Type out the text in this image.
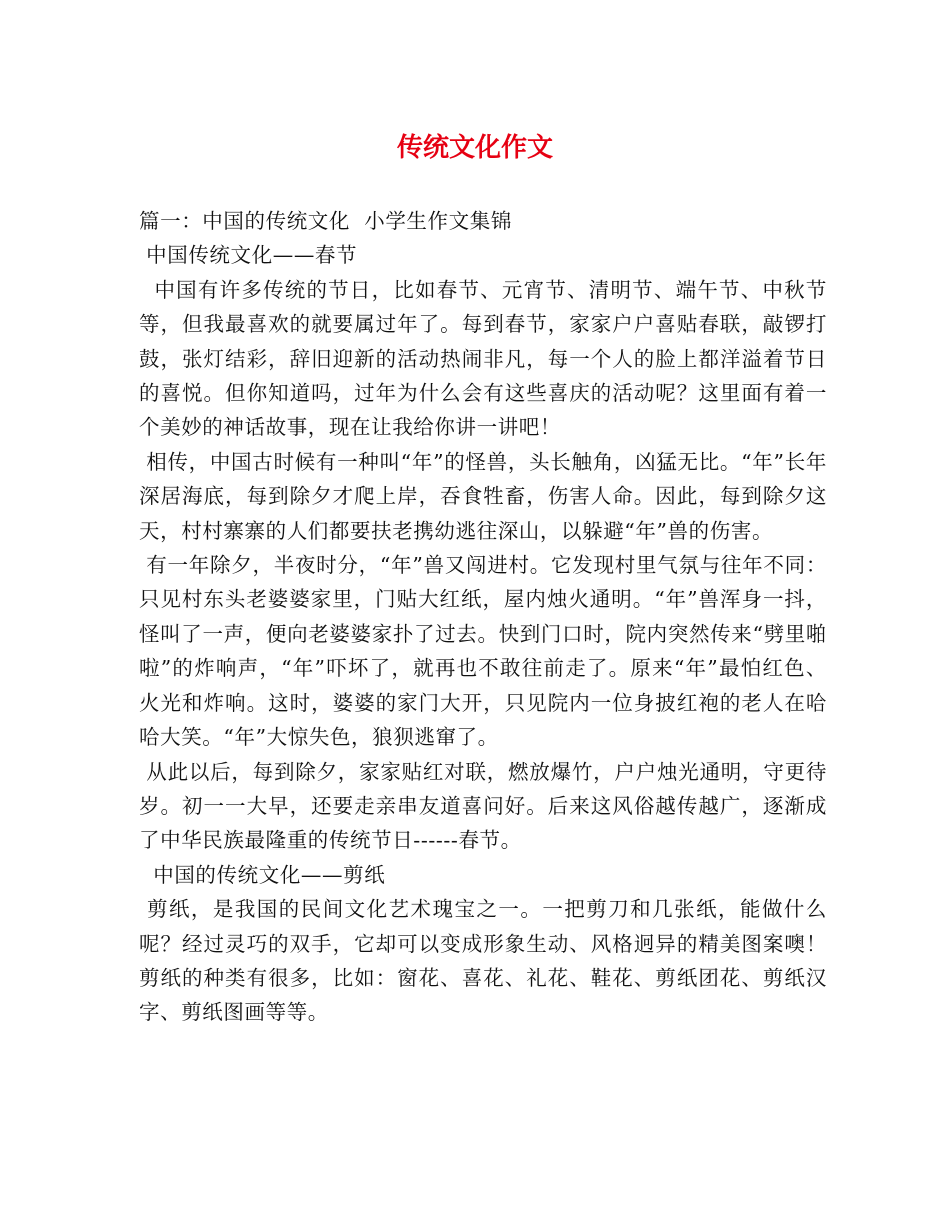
传统文化作文

篇一：中国的传统文化  小学生作文集锦

中国传统文化——春节

中国有许多传统的节日，比如春节、元宵节、清明节、端午节、中秋节等，但我最喜欢的就要属过年了。每到春节，家家户户喜贴春联，敲锣打鼓，张灯结彩，辞旧迎新的活动热闹非凡，每一个人的脸上都洋溢着节日的喜悦。但你知道吗，过年为什么会有这些喜庆的活动呢？这里面有着一个美妙的神话故事，现在让我给你讲一讲吧！

相传，中国古时候有一种叫“年”的怪兽，头长触角，凶猛无比。“年”长年深居海底，每到除夕才爬上岸，吞食牲畜，伤害人命。因此，每到除夕这天，村村寨寨的人们都要扶老携幼逃往深山，以躲避“年”兽的伤害。

有一年除夕，半夜时分，“年”兽又闯进村。它发现村里气氛与往年不同：只见村东头老婆婆家里，门贴大红纸，屋内烛火通明。“年”兽浑身一抖，怪叫了一声，便向老婆婆家扑了过去。快到门口时，院内突然传来“劈里啪啦”的炸响声，“年”吓坏了，就再也不敢往前走了。原来“年”最怕红色、火光和炸响。这时，婆婆的家门大开，只见院内一位身披红袍的老人在哈哈大笑。“年”大惊失色，狼狈逃窜了。

从此以后，每到除夕，家家贴红对联，燃放爆竹，户户烛光通明，守更待岁。初一一大早，还要走亲串友道喜问好。后来这风俗越传越广，逐渐成了中华民族最隆重的传统节日------春节。

中国的传统文化——剪纸

剪纸，是我国的民间文化艺术瑰宝之一。一把剪刀和几张纸，能做什么呢？经过灵巧的双手，它却可以变成形象生动、风格迥异的精美图案噢！剪纸的种类有很多，比如：窗花、喜花、礼花、鞋花、剪纸团花、剪纸汉字、剪纸图画等等。
